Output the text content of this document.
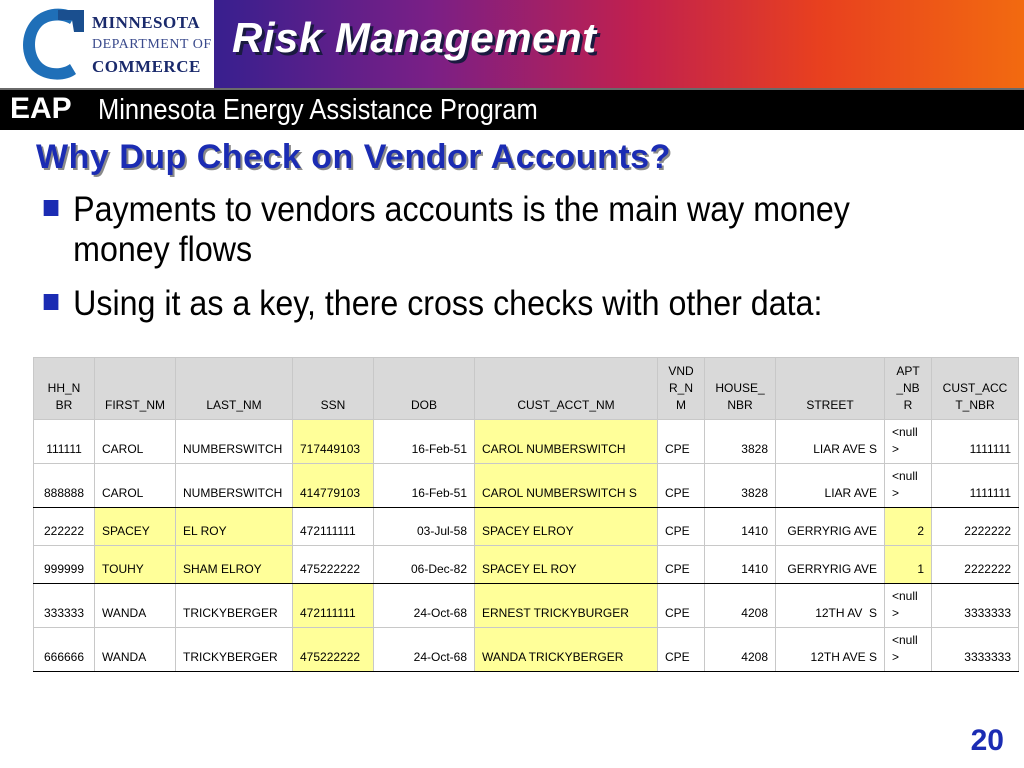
MINNESOTA
DEPARTMENT OF
COMMERCE
Risk Management
EAP Minnesota Energy Assistance Program
Why Dup Check on Vendor Accounts?
Payments to vendors accounts is the main way money money flows
Using it as a key, there cross checks with other data:
HH_N BR	FIRST_NM	LAST_NM	SSN	DOB	CUST_ACCT_NM	VND R_N M	HOUSE_ NBR	STREET	APT _NB R	CUST_ACC T_NBR
111111	CAROL	NUMBERSWITCH	717449103	16-Feb-51	CAROL NUMBERSWITCH	CPE	3828	LIAR AVE S	<null >	1111111
888888	CAROL	NUMBERSWITCH	414779103	16-Feb-51	CAROL NUMBERSWITCH S	CPE	3828	LIAR AVE	<null >	1111111
222222	SPACEY	EL ROY	472111111	03-Jul-58	SPACEY ELROY	CPE	1410	GERRYRIG AVE	2	2222222
999999	TOUHY	SHAM ELROY	475222222	06-Dec-82	SPACEY EL ROY	CPE	1410	GERRYRIG AVE	1	2222222
333333	WANDA	TRICKYBERGER	472111111	24-Oct-68	ERNEST TRICKYBURGER	CPE	4208	12TH AV  S	<null >	3333333
666666	WANDA	TRICKYBERGER	475222222	24-Oct-68	WANDA TRICKYBERGER	CPE	4208	12TH AVE S	<null >	3333333
20
